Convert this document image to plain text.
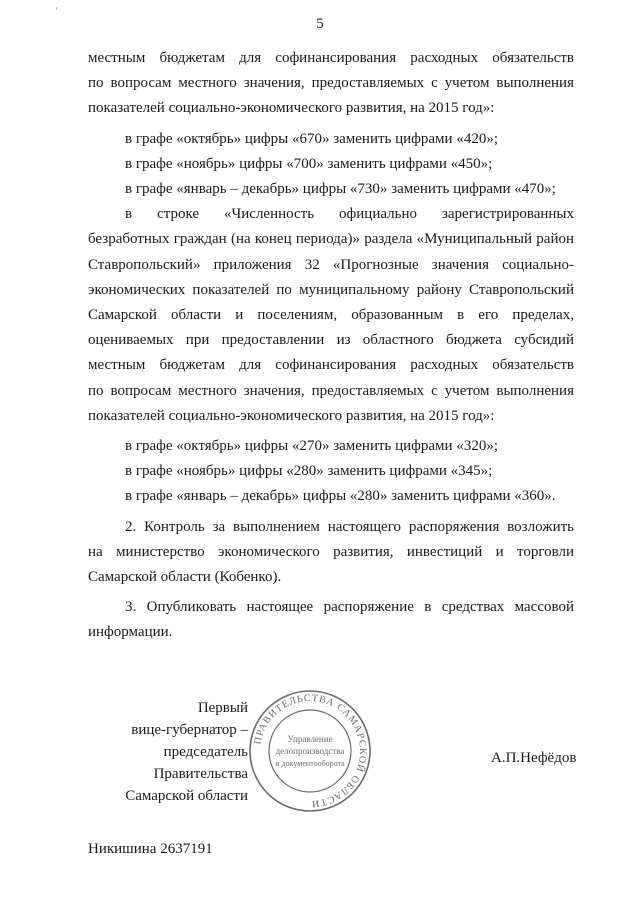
'
5
местным бюджетам для софинансирования расходных обязательств
по вопросам местного значения, предоставляемых с учетом выполнения
показателей социально-экономического развития, на 2015 год»:
в графе «октябрь» цифры «670» заменить цифрами «420»;
в графе «ноябрь» цифры «700» заменить цифрами «450»;
в графе «январь – декабрь» цифры «730» заменить цифрами «470»;
в строке «Численность официально зарегистрированных
безработных граждан (на конец периода)» раздела «Муниципальный район
Ставропольский» приложения 32 «Прогнозные значения социально-
экономических показателей по муниципальному району Ставропольский
Самарской области и поселениям, образованным в его пределах,
оцениваемых при предоставлении из областного бюджета субсидий
местным бюджетам для софинансирования расходных обязательств
по вопросам местного значения, предоставляемых с учетом выполнения
показателей социально-экономического развития, на 2015 год»:
в графе «октябрь» цифры «270» заменить цифрами «320»;
в графе «ноябрь» цифры «280» заменить цифрами «345»;
в графе «январь – декабрь» цифры «280» заменить цифрами «360».
2. Контроль за выполнением настоящего распоряжения возложить
на министерство экономического развития, инвестиций и торговли
Самарской области (Кобенко).
3. Опубликовать настоящее распоряжение в средствах массовой
информации.
Первый
вице-губернатор –
председатель Правительства
Самарской области
ПРАВИТЕЛЬСТВА САМАРСКОЙ ОБЛАСТИ
Управление
делопроизводства
и документооборота	А.П.Нефёдов
Никишина 2637191
